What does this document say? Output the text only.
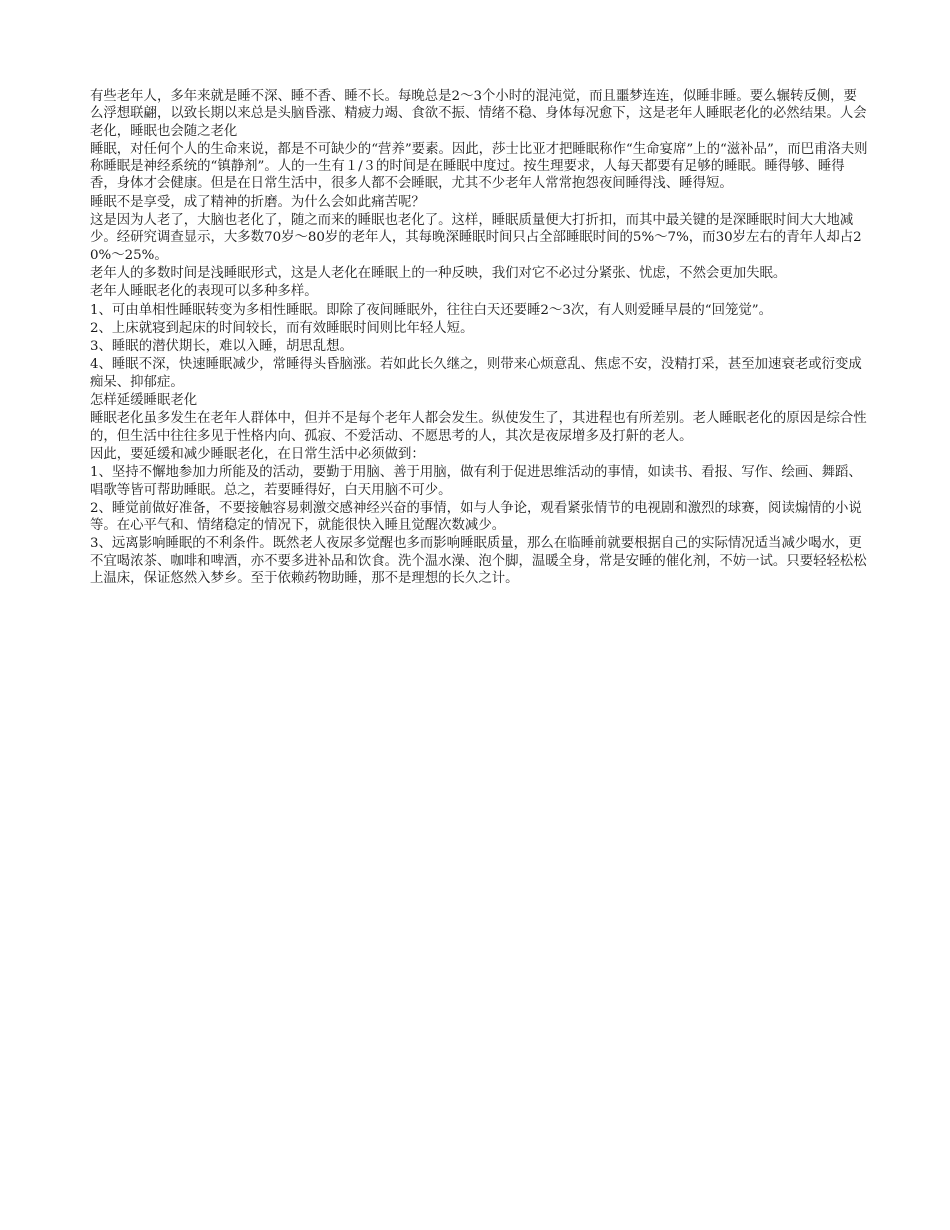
有些老年人，多年来就是睡不深、睡不香、睡不长。每晚总是2～3个小时的混沌觉，而且噩梦连连，似睡非睡。要么辗转反侧，要么浮想联翩，以致长期以来总是头脑昏涨、精疲力竭、食欲不振、情绪不稳、身体每况愈下，这是老年人睡眠老化的必然结果。人会老化，睡眠也会随之老化

睡眠，对任何个人的生命来说，都是不可缺少的“营养”要素。因此，莎士比亚才把睡眠称作“生命宴席”上的“滋补品”，而巴甫洛夫则称睡眠是神经系统的“镇静剂”。人的一生有１/３的时间是在睡眠中度过。按生理要求，人每天都要有足够的睡眠。睡得够、睡得香，身体才会健康。但是在日常生活中，很多人都不会睡眠，尤其不少老年人常常抱怨夜间睡得浅、睡得短。

睡眠不是享受，成了精神的折磨。为什么会如此痛苦呢？

这是因为人老了，大脑也老化了，随之而来的睡眠也老化了。这样，睡眠质量便大打折扣，而其中最关键的是深睡眠时间大大地减少。经研究调查显示，大多数70岁～80岁的老年人，其每晚深睡眠时间只占全部睡眠时间的5%～7%，而30岁左右的青年人却占20%～25%。

老年人的多数时间是浅睡眠形式，这是人老化在睡眠上的一种反映，我们对它不必过分紧张、忧虑，不然会更加失眠。

老年人睡眠老化的表现可以多种多样。

1、可由单相性睡眠转变为多相性睡眠。即除了夜间睡眠外，往往白天还要睡2～3次，有人则爱睡早晨的“回笼觉”。

2、上床就寝到起床的时间较长，而有效睡眠时间则比年轻人短。

3、睡眠的潜伏期长，难以入睡，胡思乱想。

4、睡眠不深，快速睡眠减少，常睡得头昏脑涨。若如此长久继之，则带来心烦意乱、焦虑不安，没精打采，甚至加速衰老或衍变成痴呆、抑郁症。

怎样延缓睡眠老化

睡眠老化虽多发生在老年人群体中，但并不是每个老年人都会发生。纵使发生了，其进程也有所差别。老人睡眠老化的原因是综合性的，但生活中往往多见于性格内向、孤寂、不爱活动、不愿思考的人，其次是夜尿增多及打鼾的老人。

因此，要延缓和减少睡眠老化，在日常生活中必须做到：

1、坚持不懈地参加力所能及的活动，要勤于用脑、善于用脑，做有利于促进思维活动的事情，如读书、看报、写作、绘画、舞蹈、唱歌等皆可帮助睡眠。总之，若要睡得好，白天用脑不可少。

2、睡觉前做好准备，不要接触容易刺激交感神经兴奋的事情，如与人争论，观看紧张情节的电视剧和激烈的球赛，阅读煽情的小说等。在心平气和、情绪稳定的情况下，就能很快入睡且觉醒次数减少。

3、远离影响睡眠的不利条件。既然老人夜尿多觉醒也多而影响睡眠质量，那么在临睡前就要根据自己的实际情况适当减少喝水，更不宜喝浓茶、咖啡和啤酒，亦不要多进补品和饮食。洗个温水澡、泡个脚，温暖全身，常是安睡的催化剂，不妨一试。只要轻轻松松上温床，保证悠然入梦乡。至于依赖药物助睡，那不是理想的长久之计。
